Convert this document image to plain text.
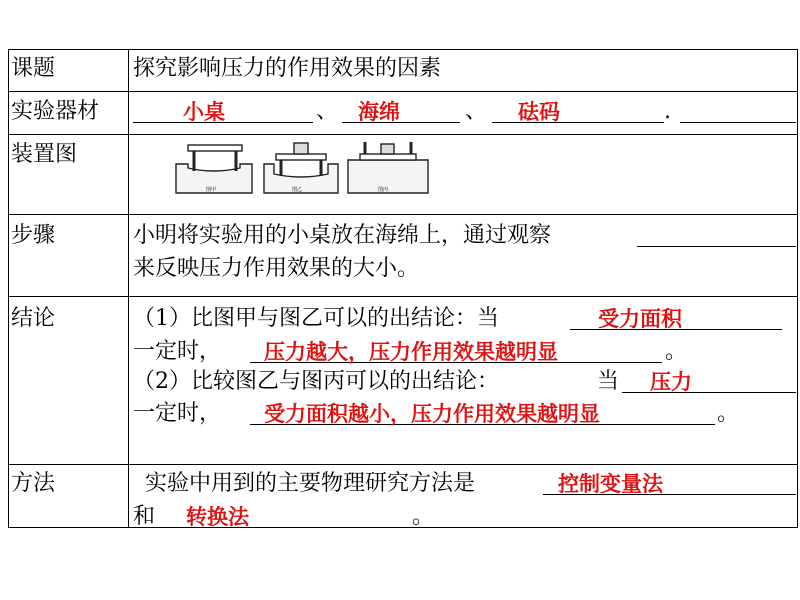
课题	探究影响压力的作用效果的因素
实验器材	小桌	、 海绵	、 砝码	.
装置图
图甲	图乙	图丙
步骤	小明将实验用的小桌放在海绵上，通过观察
来反映压力作用效果的大小。
结论	（1）比图甲与图乙可以的出结论：当	受力面积
一定时， 压力越大，压力作用效果越明显	。
（2）比较图乙与图丙可以的出结论：	当 压力
一定时， 受力面积越小，压力作用效果越明显	。
方法	实验中用到的主要物理研究方法是	控制变量法
和 转换法	。
